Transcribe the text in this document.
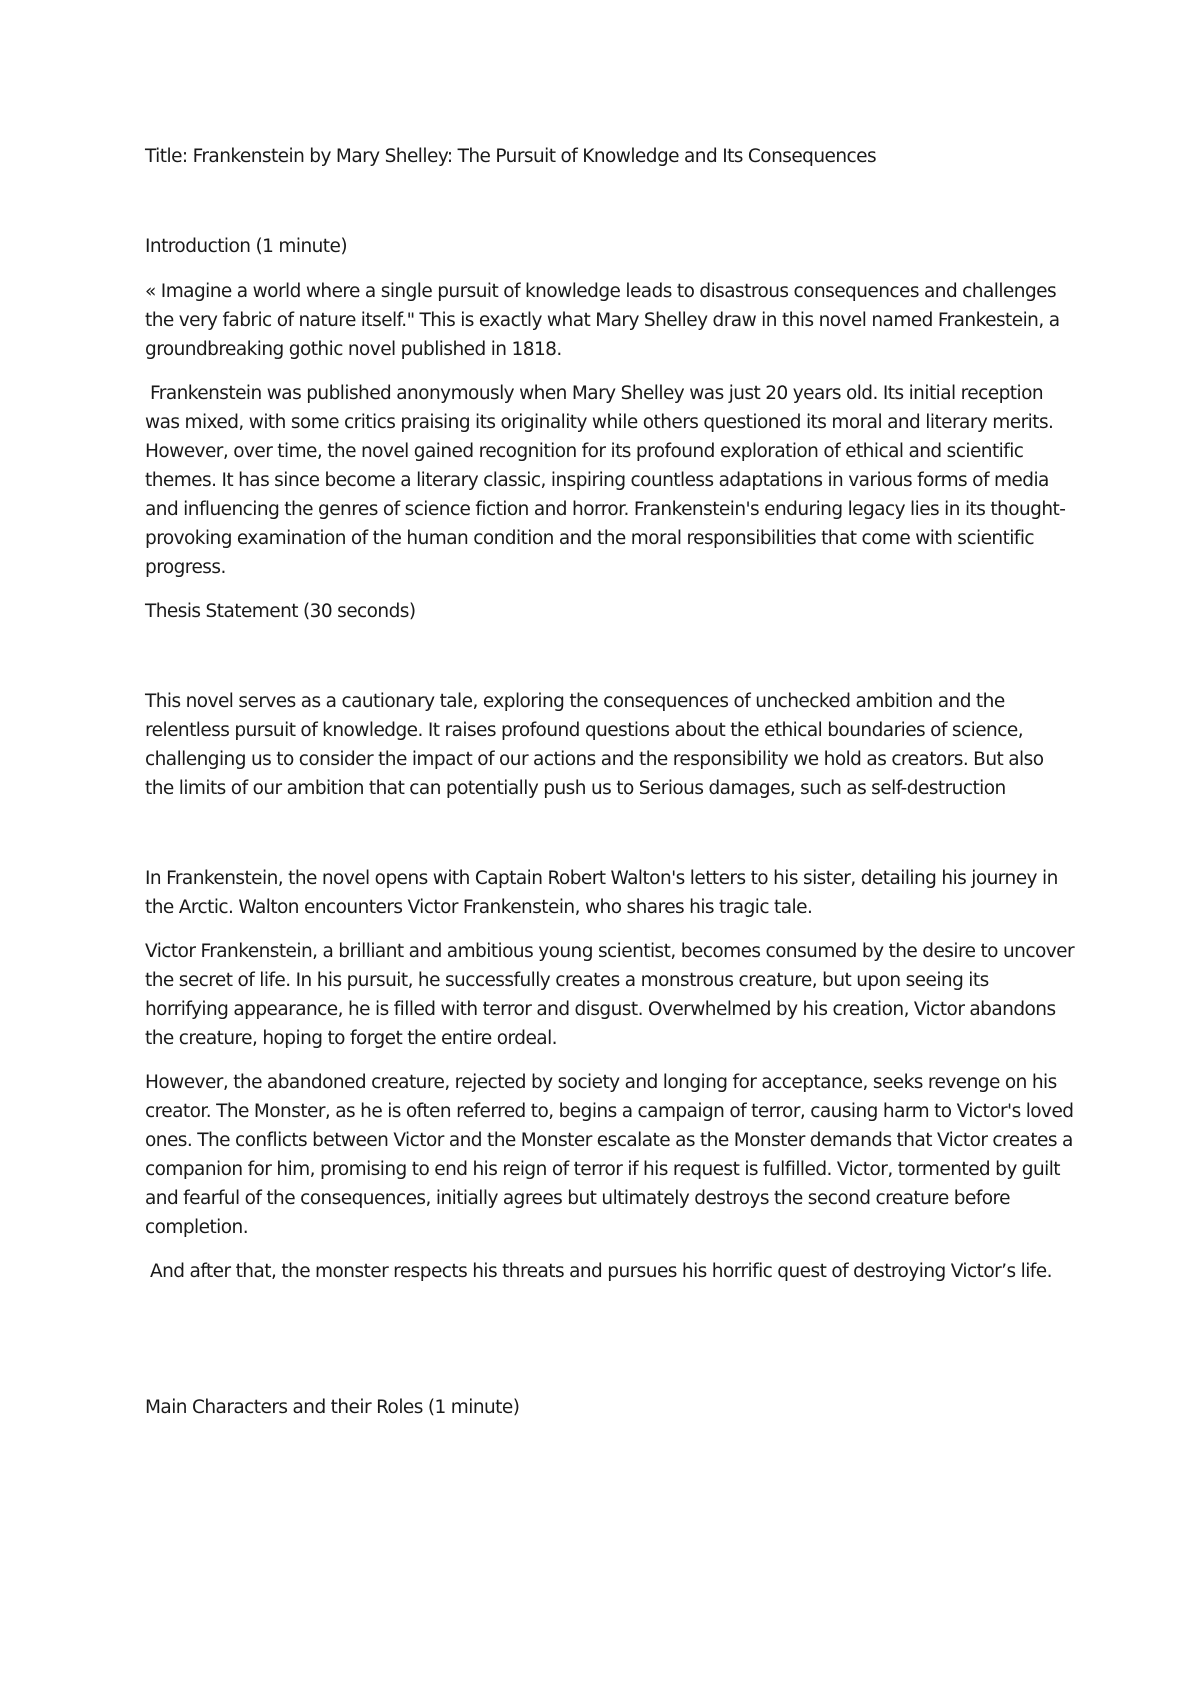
Title: Frankenstein by Mary Shelley: The Pursuit of Knowledge and Its Consequences

Introduction (1 minute)

« Imagine a world where a single pursuit of knowledge leads to disastrous consequences and challenges the very fabric of nature itself." This is exactly what Mary Shelley draw in this novel named Frankestein, a groundbreaking gothic novel published in 1818.

Frankenstein was published anonymously when Mary Shelley was just 20 years old. Its initial reception was mixed, with some critics praising its originality while others questioned its moral and literary merits. However, over time, the novel gained recognition for its profound exploration of ethical and scientific themes. It has since become a literary classic, inspiring countless adaptations in various forms of media and influencing the genres of science fiction and horror. Frankenstein's enduring legacy lies in its thought-provoking examination of the human condition and the moral responsibilities that come with scientific progress.

Thesis Statement (30 seconds)

This novel serves as a cautionary tale, exploring the consequences of unchecked ambition and the relentless pursuit of knowledge. It raises profound questions about the ethical boundaries of science, challenging us to consider the impact of our actions and the responsibility we hold as creators. But also the limits of our ambition that can potentially push us to Serious damages, such as self-destruction

In Frankenstein, the novel opens with Captain Robert Walton's letters to his sister, detailing his journey in the Arctic. Walton encounters Victor Frankenstein, who shares his tragic tale.

Victor Frankenstein, a brilliant and ambitious young scientist, becomes consumed by the desire to uncover the secret of life. In his pursuit, he successfully creates a monstrous creature, but upon seeing its horrifying appearance, he is filled with terror and disgust. Overwhelmed by his creation, Victor abandons the creature, hoping to forget the entire ordeal.

However, the abandoned creature, rejected by society and longing for acceptance, seeks revenge on his creator. The Monster, as he is often referred to, begins a campaign of terror, causing harm to Victor's loved ones. The conflicts between Victor and the Monster escalate as the Monster demands that Victor creates a companion for him, promising to end his reign of terror if his request is fulfilled. Victor, tormented by guilt and fearful of the consequences, initially agrees but ultimately destroys the second creature before completion.

And after that, the monster respects his threats and pursues his horrific quest of destroying Victor’s life.

Main Characters and their Roles (1 minute)
